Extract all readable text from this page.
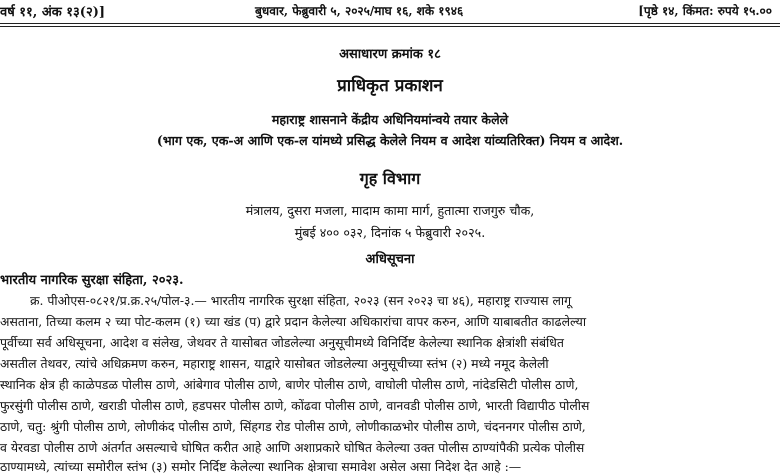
वर्ष ११, अंक १३(२)]	बुधवार, फेब्रुवारी ५, २०२५/माघ १६, शके १९४६	[पृष्ठे १४, किंमत: रुपये १५.००
असाधारण क्रमांक १८
प्राधिकृत प्रकाशन
महाराष्ट्र शासनाने केंद्रीय अधिनियमांन्वये तयार केलेले
(भाग एक, एक-अ आणि एक-ल यांमध्ये प्रसिद्ध केलेले नियम व आदेश यांव्यतिरिक्त) नियम व आदेश.
गृह विभाग
मंत्रालय, दुसरा मजला, मादाम कामा मार्ग, हुतात्मा राजगुरु चौक,
मुंबई ४०० ०३२, दिनांक ५ फेब्रुवारी २०२५.
अधिसूचना
भारतीय नागरिक सुरक्षा संहिता, २०२३.
क्र. पीओएस-०८२१/प्र.क्र.२५/पोल-३.— भारतीय नागरिक सुरक्षा संहिता, २०२३ (सन २०२३ चा ४६), महाराष्ट्र राज्यास लागू
असताना, तिच्या कलम २ च्या पोट-कलम (१) च्या खंड (प) द्वारे प्रदान केलेल्या अधिकारांचा वापर करुन, आणि याबाबतीत काढलेल्या
पूर्वीच्या सर्व अधिसूचना, आदेश व संलेख, जेथवर ते यासोबत जोडलेल्या अनुसूचीमध्ये विनिर्दिष्ट केलेल्या स्थानिक क्षेत्रांशी संबंधित
असतील तेथवर, त्यांचे अधिक्रमण करुन, महाराष्ट्र शासन, याद्वारे यासोबत जोडलेल्या अनुसूचीच्या स्तंभ (२) मध्ये नमूद केलेली
स्थानिक क्षेत्र ही काळेपडळ पोलीस ठाणे, आंबेगाव पोलीस ठाणे, बाणेर पोलीस ठाणे, वाघोली पोलीस ठाणे, नांदेडसिटी पोलीस ठाणे,
फुरसुंगी पोलीस ठाणे, खराडी पोलीस ठाणे, हडपसर पोलीस ठाणे, कोंढवा पोलीस ठाणे, वानवडी पोलीस ठाणे, भारती विद्यापीठ पोलीस
ठाणे, चतु: श्रुंगी पोलीस ठाणे, लोणीकंद पोलीस ठाणे, सिंहगड रोड पोलीस ठाणे, लोणीकाळभोर पोलीस ठाणे, चंदननगर पोलीस ठाणे,
व येरवडा पोलीस ठाणे अंतर्गत असल्याचे घोषित करीत आहे आणि अशाप्रकारे घोषित केलेल्या उक्त पोलीस ठाण्यांपैकी प्रत्येक पोलीस
ठाण्यामध्ये, त्यांच्या समोरील स्तंभ (३) समोर निर्दिष्ट केलेल्या स्थानिक क्षेत्राचा समावेश असेल असा निदेश देत आहे :—
